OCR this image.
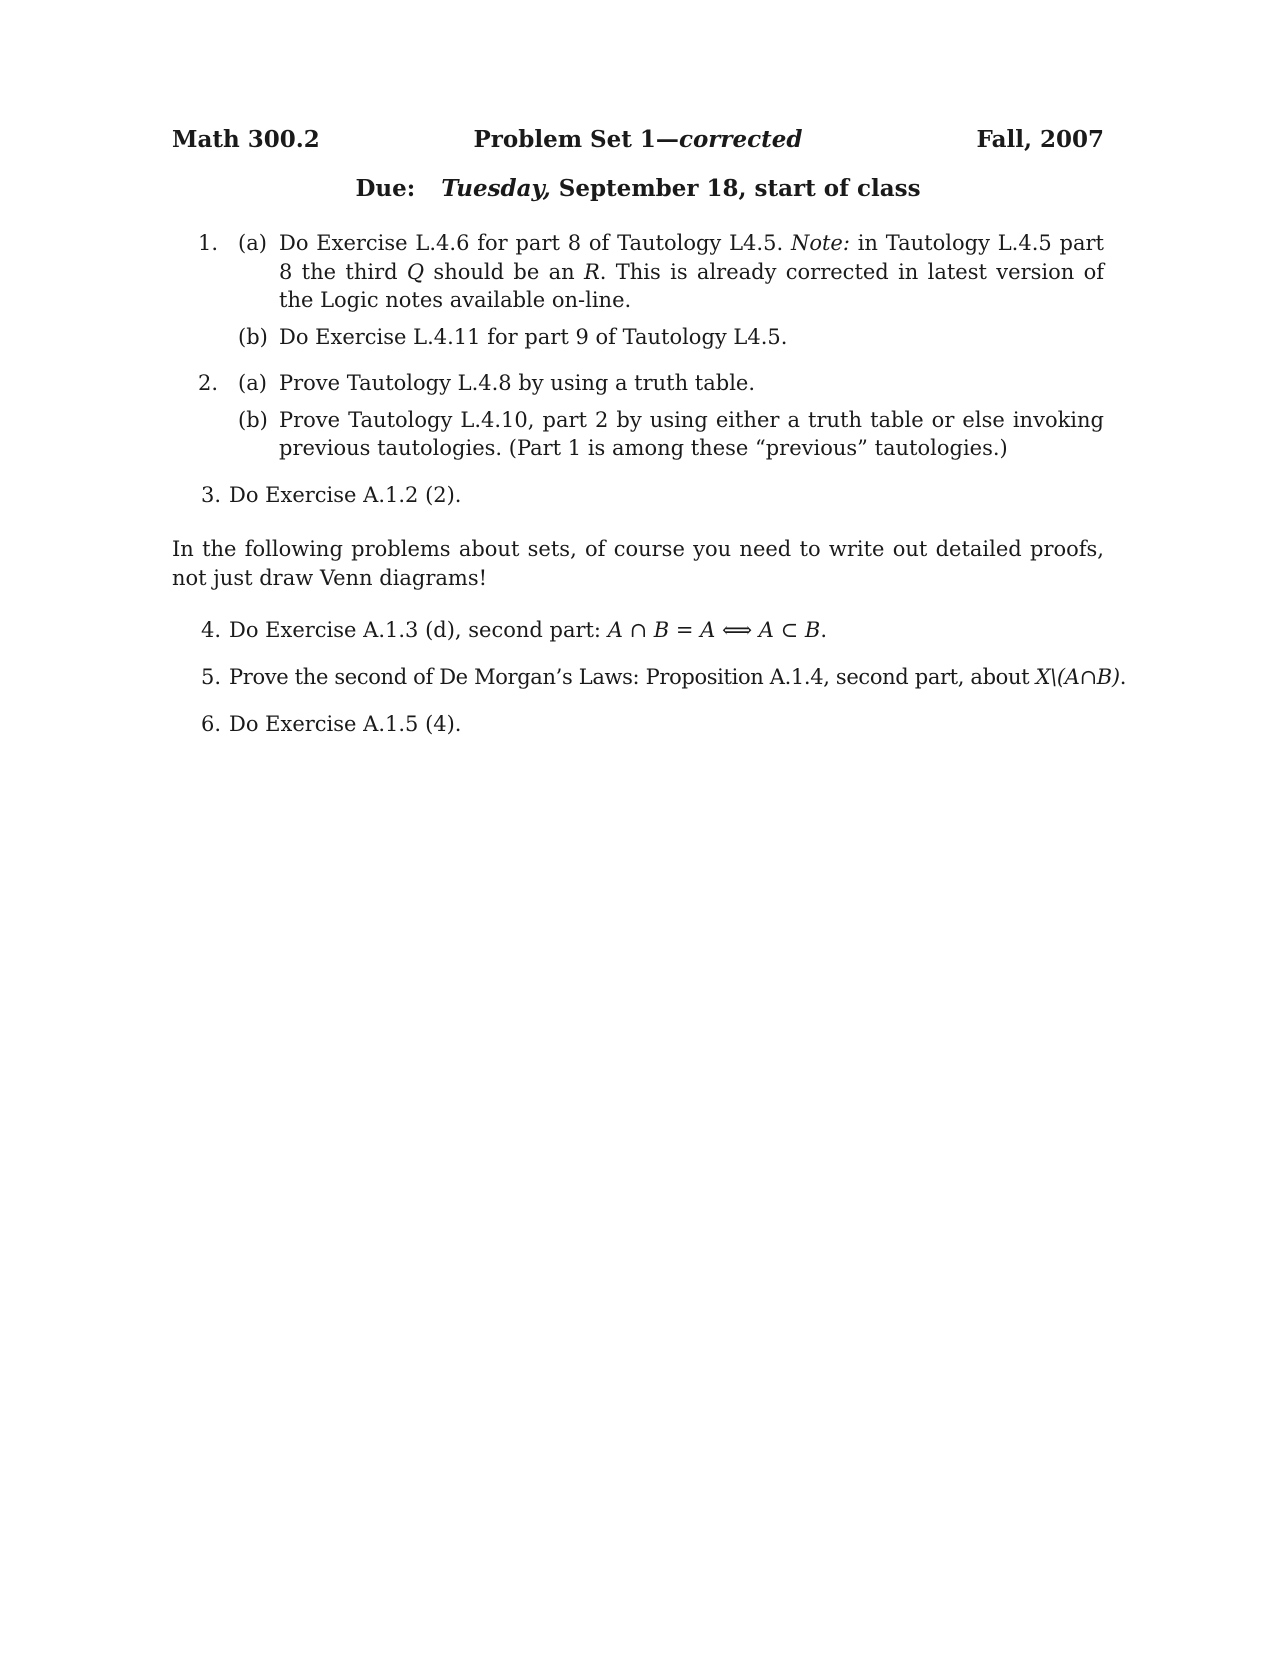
Math 300.2	Problem Set 1—corrected	Fall, 2007
Due: Tuesday, September 18, start of class
1. (a) Do Exercise L.4.6 for part 8 of Tautology L4.5. Note: in Tautology L.4.5 part 8 the third Q should be an R. This is already corrected in latest version of the Logic notes available on-line.
(b) Do Exercise L.4.11 for part 9 of Tautology L4.5.
2. (a) Prove Tautology L.4.8 by using a truth table.
(b) Prove Tautology L.4.10, part 2 by using either a truth table or else invoking previous tautologies. (Part 1 is among these “previous” tautologies.)
3. Do Exercise A.1.2 (2).
In the following problems about sets, of course you need to write out detailed proofs, not just draw Venn diagrams!
4. Do Exercise A.1.3 (d), second part: A ∩ B = A ⟺ A ⊂ B.
5. Prove the second of De Morgan’s Laws: Proposition A.1.4, second part, about X\(A∩B).
6. Do Exercise A.1.5 (4).
